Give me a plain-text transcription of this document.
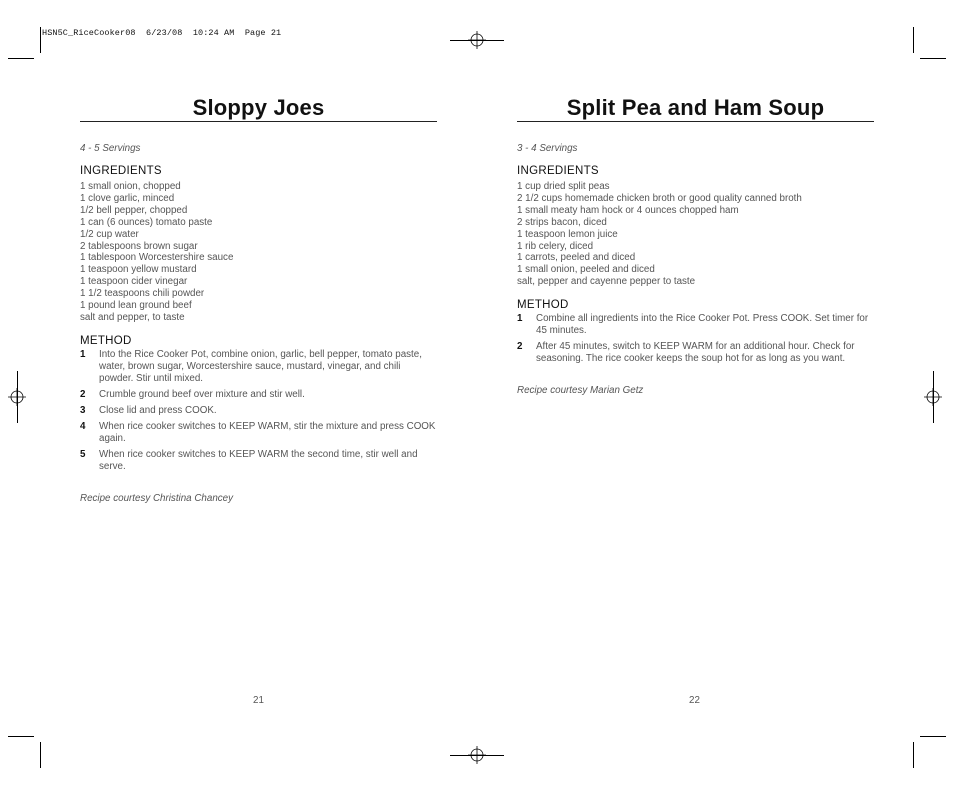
HSN5C_RiceCooker08  6/23/08  10:24 AM  Page 21
Sloppy Joes
4 - 5 Servings
INGREDIENTS
1 small onion, chopped
1 clove garlic, minced
1/2 bell pepper, chopped
1 can (6 ounces) tomato paste
1/2 cup water
2 tablespoons brown sugar
1 tablespoon Worcestershire sauce
1 teaspoon yellow mustard
1 teaspoon cider vinegar
1 1/2 teaspoons chili powder
1 pound lean ground beef
salt and pepper, to taste
METHOD
1	Into the Rice Cooker Pot, combine onion, garlic, bell pepper, tomato paste, water, brown sugar, Worcestershire sauce, mustard, vinegar, and chili powder. Stir until mixed.
2	Crumble ground beef over mixture and stir well.
3	Close lid and press COOK.
4	When rice cooker switches to KEEP WARM, stir the mixture and press COOK again.
5	When rice cooker switches to KEEP WARM the second time, stir well and serve.
Recipe courtesy Christina Chancey
21
Split Pea and Ham Soup
3 - 4 Servings
INGREDIENTS
1 cup dried split peas
2 1/2 cups homemade chicken broth or good quality canned broth
1 small meaty ham hock or 4 ounces chopped ham
2 strips bacon, diced
1 teaspoon lemon juice
1 rib celery, diced
1 carrots, peeled and diced
1 small onion, peeled and diced
salt, pepper and cayenne pepper to taste
METHOD
1	Combine all ingredients into the Rice Cooker Pot. Press COOK. Set timer for 45 minutes.
2	After 45 minutes, switch to KEEP WARM for an additional hour. Check for seasoning. The rice cooker keeps the soup hot for as long as you want.
Recipe courtesy Marian Getz
22
